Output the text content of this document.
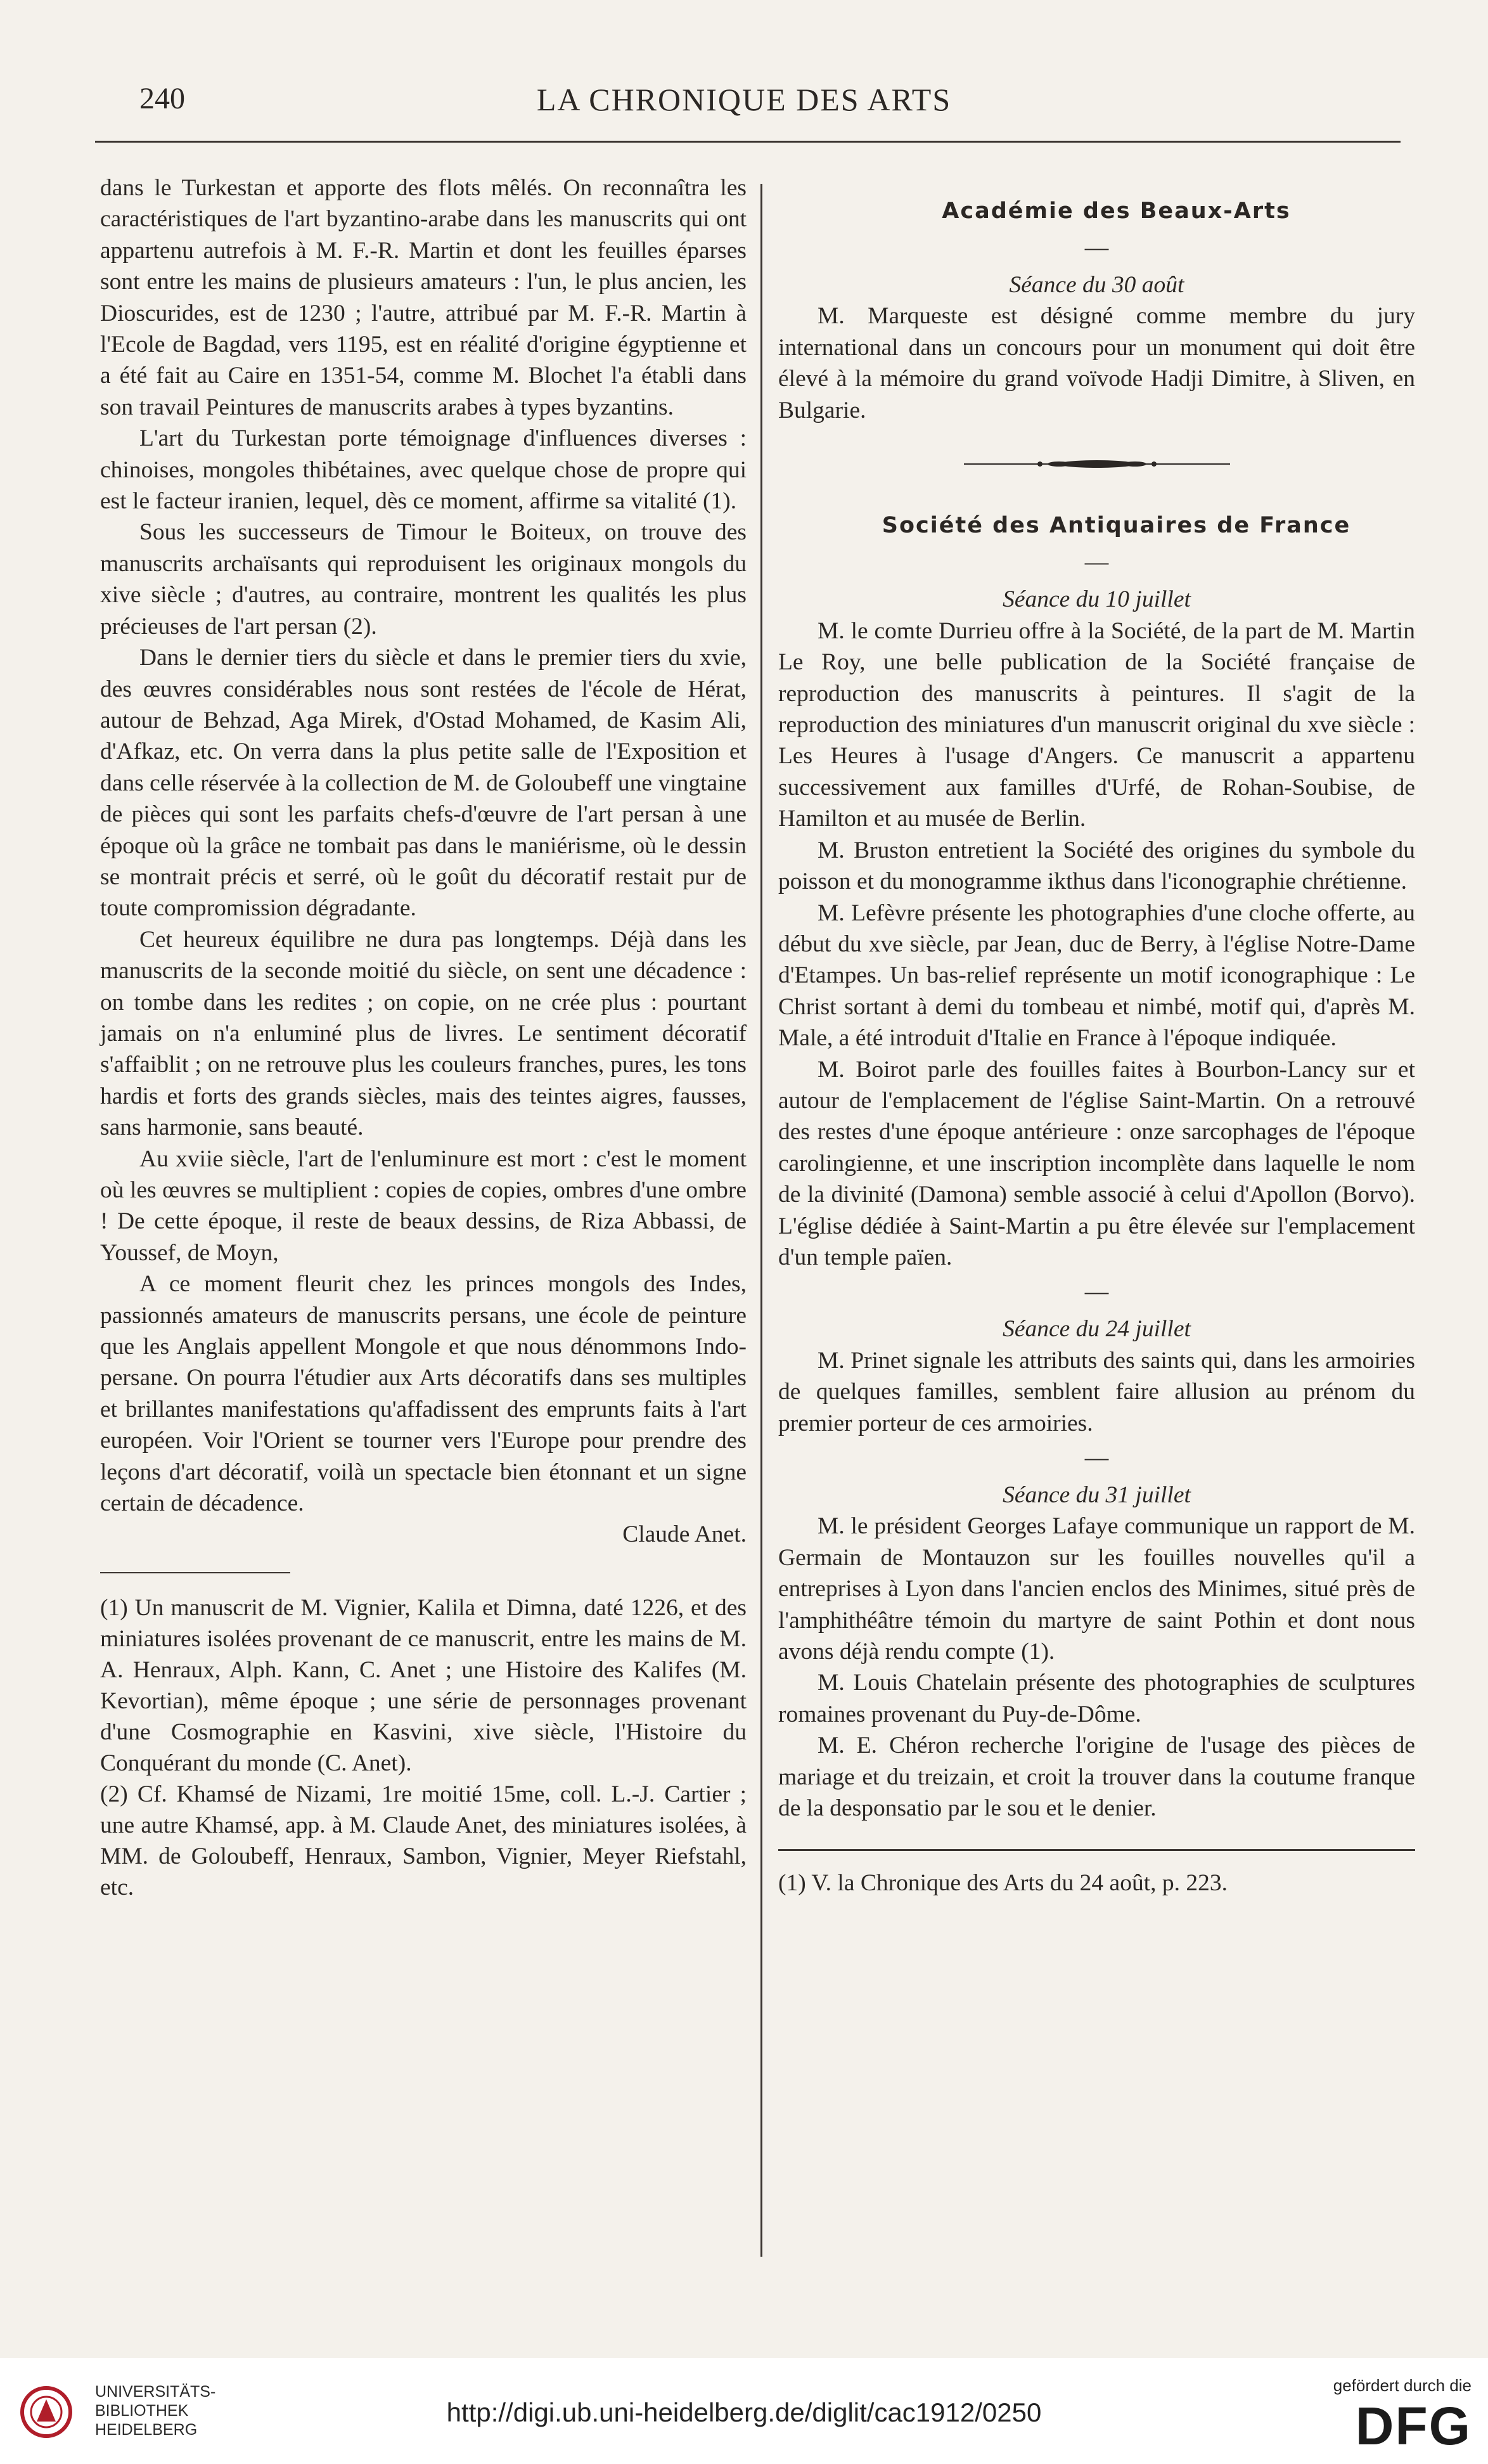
240	LA CHRONIQUE DES ARTS

dans le Turkestan et apporte des flots mêlés. On reconnaîtra les caractéristiques de l'art byzantino-arabe dans les manuscrits qui ont appartenu autrefois à M. F.-R. Martin et dont les feuilles éparses sont entre les mains de plusieurs amateurs : l'un, le plus ancien, les Dioscurides, est de 1230 ; l'autre, attribué par M. F.-R. Martin à l'Ecole de Bagdad, vers 1195, est en réalité d'origine égyptienne et a été fait au Caire en 1351-54, comme M. Blochet l'a établi dans son travail Peintures de manuscrits arabes à types byzantins.

L'art du Turkestan porte témoignage d'influences diverses : chinoises, mongoles thibétaines, avec quelque chose de propre qui est le facteur iranien, lequel, dès ce moment, affirme sa vitalité (1).

Sous les successeurs de Timour le Boiteux, on trouve des manuscrits archaïsants qui reproduisent les originaux mongols du xive siècle ; d'autres, au contraire, montrent les qualités les plus précieuses de l'art persan (2).

Dans le dernier tiers du siècle et dans le premier tiers du xvie, des œuvres considérables nous sont restées de l'école de Hérat, autour de Behzad, Aga Mirek, d'Ostad Mohamed, de Kasim Ali, d'Afkaz, etc. On verra dans la plus petite salle de l'Exposition et dans celle réservée à la collection de M. de Goloubeff une vingtaine de pièces qui sont les parfaits chefs-d'œuvre de l'art persan à une époque où la grâce ne tombait pas dans le maniérisme, où le dessin se montrait précis et serré, où le goût du décoratif restait pur de toute compromission dégradante.

Cet heureux équilibre ne dura pas longtemps. Déjà dans les manuscrits de la seconde moitié du siècle, on sent une décadence : on tombe dans les redites ; on copie, on ne crée plus : pourtant jamais on n'a enluminé plus de livres. Le sentiment décoratif s'affaiblit ; on ne retrouve plus les couleurs franches, pures, les tons hardis et forts des grands siècles, mais des teintes aigres, fausses, sans harmonie, sans beauté.

Au xviie siècle, l'art de l'enluminure est mort : c'est le moment où les œuvres se multiplient : copies de copies, ombres d'une ombre ! De cette époque, il reste de beaux dessins, de Riza Abbassi, de Youssef, de Moyn,

A ce moment fleurit chez les princes mongols des Indes, passionnés amateurs de manuscrits persans, une école de peinture que les Anglais appellent Mongole et que nous dénommons Indo-persane. On pourra l'étudier aux Arts décoratifs dans ses multiples et brillantes manifestations qu'affadissent des emprunts faits à l'art européen. Voir l'Orient se tourner vers l'Europe pour prendre des leçons d'art décoratif, voilà un spectacle bien étonnant et un signe certain de décadence.

Claude Anet.

(1) Un manuscrit de M. Vignier, Kalila et Dimna, daté 1226, et des miniatures isolées provenant de ce manuscrit, entre les mains de M. A. Henraux, Alph. Kann, C. Anet ; une Histoire des Kalifes (M. Kevortian), même époque ; une série de personnages provenant d'une Cosmographie en Kasvini, xive siècle, l'Histoire du Conquérant du monde (C. Anet).

(2) Cf. Khamsé de Nizami, 1re moitié 15me, coll. L.-J. Cartier ; une autre Khamsé, app. à M. Claude Anet, des miniatures isolées, à MM. de Goloubeff, Henraux, Sambon, Vignier, Meyer Riefstahl, etc.

Académie des Beaux-Arts

—

Séance du 30 août

M. Marqueste est désigné comme membre du jury international dans un concours pour un monument qui doit être élevé à la mémoire du grand voïvode Hadji Dimitre, à Sliven, en Bulgarie.

Société des Antiquaires de France

—

Séance du 10 juillet

M. le comte Durrieu offre à la Société, de la part de M. Martin Le Roy, une belle publication de la Société française de reproduction des manuscrits à peintures. Il s'agit de la reproduction des miniatures d'un manuscrit original du xve siècle : Les Heures à l'usage d'Angers. Ce manuscrit a appartenu successivement aux familles d'Urfé, de Rohan-Soubise, de Hamilton et au musée de Berlin.

M. Bruston entretient la Société des origines du symbole du poisson et du monogramme ikthus dans l'iconographie chrétienne.

M. Lefèvre présente les photographies d'une cloche offerte, au début du xve siècle, par Jean, duc de Berry, à l'église Notre-Dame d'Etampes. Un bas-relief représente un motif iconographique : Le Christ sortant à demi du tombeau et nimbé, motif qui, d'après M. Male, a été introduit d'Italie en France à l'époque indiquée.

M. Boirot parle des fouilles faites à Bourbon-Lancy sur et autour de l'emplacement de l'église Saint-Martin. On a retrouvé des restes d'une époque antérieure : onze sarcophages de l'époque carolingienne, et une inscription incomplète dans laquelle le nom de la divinité (Damona) semble associé à celui d'Apollon (Borvo). L'église dédiée à Saint-Martin a pu être élevée sur l'emplacement d'un temple païen.

—

Séance du 24 juillet

M. Prinet signale les attributs des saints qui, dans les armoiries de quelques familles, semblent faire allusion au prénom du premier porteur de ces armoiries.

—

Séance du 31 juillet

M. le président Georges Lafaye communique un rapport de M. Germain de Montauzon sur les fouilles nouvelles qu'il a entreprises à Lyon dans l'ancien enclos des Minimes, situé près de l'amphithéâtre témoin du martyre de saint Pothin et dont nous avons déjà rendu compte (1).

M. Louis Chatelain présente des photographies de sculptures romaines provenant du Puy-de-Dôme.

M. E. Chéron recherche l'origine de l'usage des pièces de mariage et du treizain, et croit la trouver dans la coutume franque de la desponsatio par le sou et le denier.

(1) V. la Chronique des Arts du 24 août, p. 223.

UNIVERSITÄTS-
BIBLIOTHEK
HEIDELBERG
http://digi.ub.uni-heidelberg.de/diglit/cac1912/0250
gefördert durch die
DFG
